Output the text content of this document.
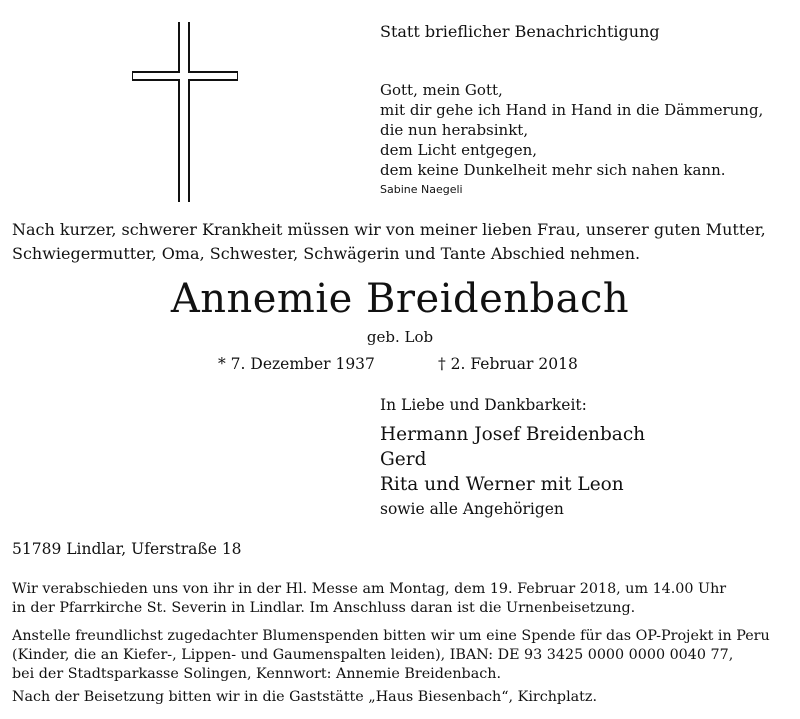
Statt brieflicher Benachrichtigung
Gott, mein Gott,
mit dir gehe ich Hand in Hand in die Dämmerung,
die nun herabsinkt,
dem Licht entgegen,
dem keine Dunkelheit mehr sich nahen kann.
Sabine Naegeli
Nach kurzer, schwerer Krankheit müssen wir von meiner lieben Frau, unserer guten Mutter, Schwiegermutter, Oma, Schwester, Schwägerin und Tante Abschied nehmen.
Annemie Breidenbach
geb. Lob
* 7. Dezember 1937	† 2. Februar 2018
In Liebe und Dankbarkeit:
Hermann Josef Breidenbach
Gerd
Rita und Werner mit Leon
sowie alle Angehörigen
51789 Lindlar, Uferstraße 18
Wir verabschieden uns von ihr in der Hl. Messe am Montag, dem 19. Februar 2018, um 14.00 Uhr
in der Pfarrkirche St. Severin in Lindlar. Im Anschluss daran ist die Urnenbeisetzung.
Anstelle freundlichst zugedachter Blumenspenden bitten wir um eine Spende für das OP-Projekt in Peru
(Kinder, die an Kiefer-, Lippen- und Gaumenspalten leiden), IBAN: DE 93 3425 0000 0000 0040 77,
bei der Stadtsparkasse Solingen, Kennwort: Annemie Breidenbach.
Nach der Beisetzung bitten wir in die Gaststätte „Haus Biesenbach“, Kirchplatz.
